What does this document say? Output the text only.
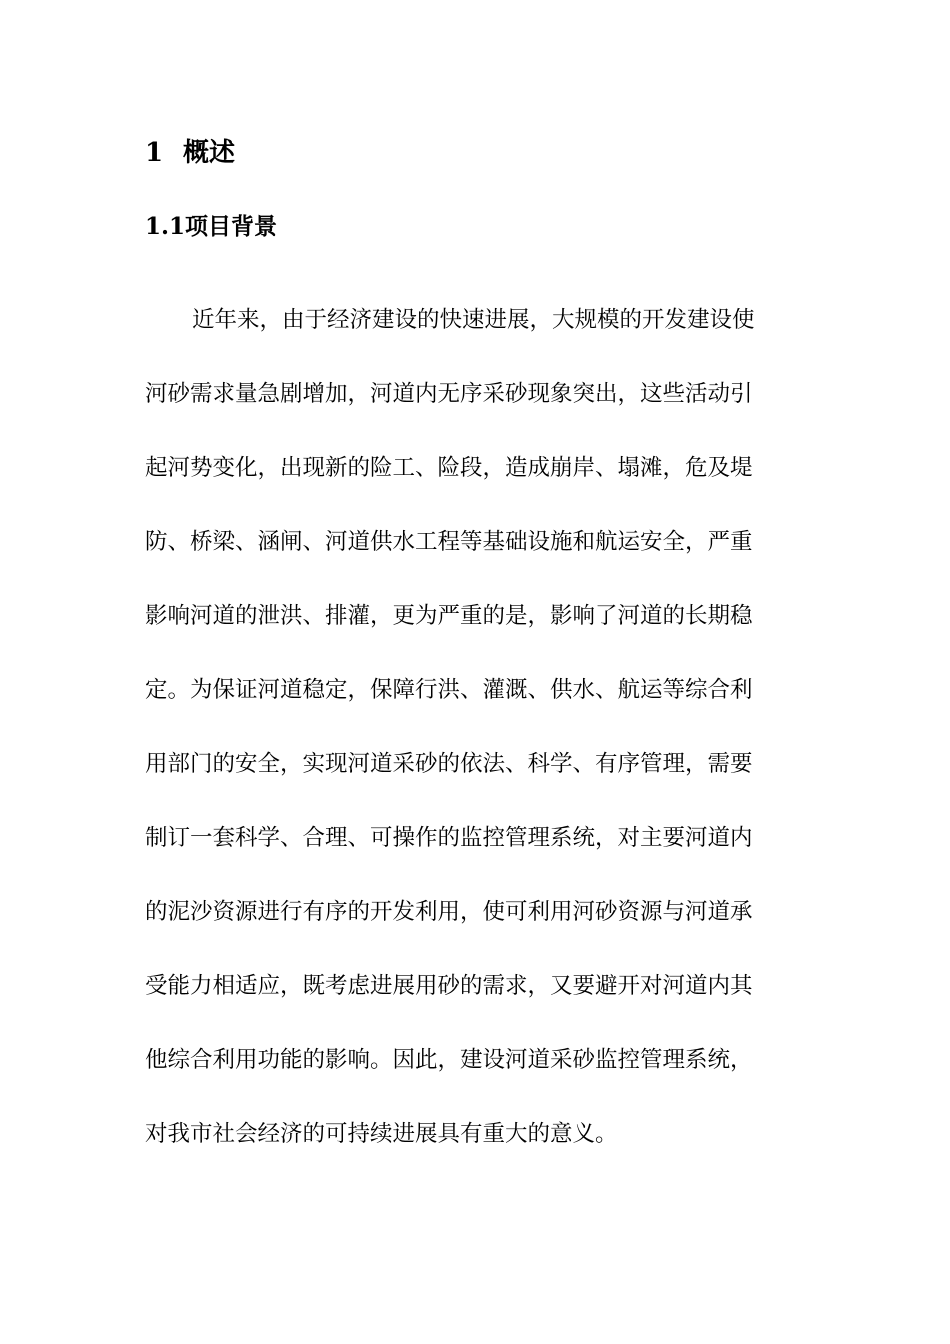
1 概述
1.1项目背景
近年来，由于经济建设的快速进展，大规模的开发建设使
河砂需求量急剧增加，河道内无序采砂现象突出，这些活动引
起河势变化，出现新的险工、险段，造成崩岸、塌滩，危及堤
防、桥梁、涵闸、河道供水工程等基础设施和航运安全，严重
影响河道的泄洪、排灌，更为严重的是，影响了河道的长期稳
定。为保证河道稳定，保障行洪、灌溉、供水、航运等综合利
用部门的安全，实现河道采砂的依法、科学、有序管理，需要
制订一套科学、合理、可操作的监控管理系统，对主要河道内
的泥沙资源进行有序的开发利用，使可利用河砂资源与河道承
受能力相适应，既考虑进展用砂的需求，又要避开对河道内其
他综合利用功能的影响。因此，建设河道采砂监控管理系统，
对我市社会经济的可持续进展具有重大的意义。
